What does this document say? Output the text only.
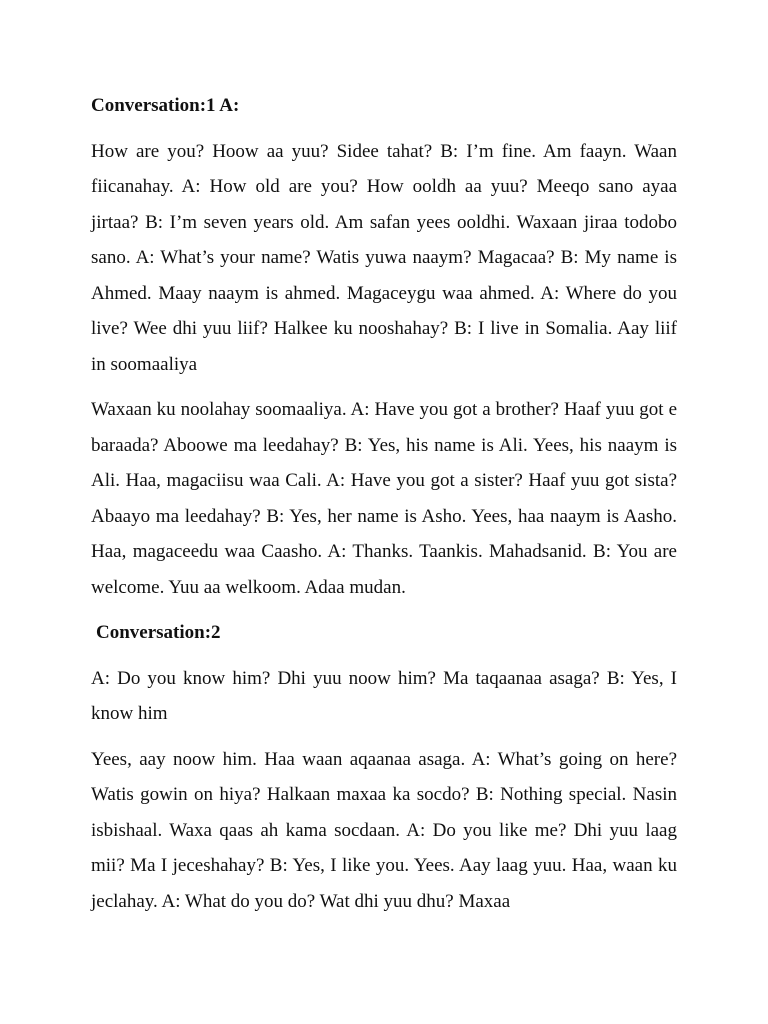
Conversation:1 A:

How are you? Hoow aa yuu? Sidee tahat? B: I’m fine. Am faayn. Waan fiicanahay. A: How old are you? How ooldh aa yuu? Meeqo sano ayaa jirtaa? B: I’m seven years old. Am safan yees ooldhi. Waxaan jiraa todobo sano. A: What’s your name? Watis yuwa naaym? Magacaa? B: My name is Ahmed. Maay naaym is ahmed. Magaceygu waa ahmed. A: Where do you live? Wee dhi yuu liif? Halkee ku nooshahay? B: I live in Somalia. Aay liif in soomaaliya

Waxaan ku noolahay soomaaliya. A: Have you got a brother? Haaf yuu got e baraada? Aboowe ma leedahay? B: Yes, his name is Ali. Yees, his naaym is Ali. Haa, magaciisu waa Cali. A: Have you got a sister? Haaf yuu got sista? Abaayo ma leedahay? B: Yes, her name is Asho. Yees, haa naaym is Aasho. Haa, magaceedu waa Caasho. A: Thanks. Taankis. Mahadsanid. B: You are welcome. Yuu aa welkoom. Adaa mudan.

Conversation:2

A: Do you know him? Dhi yuu noow him? Ma taqaanaa asaga? B: Yes, I know him

Yees, aay noow him. Haa waan aqaanaa asaga. A: What’s going on here? Watis gowin on hiya? Halkaan maxaa ka socdo? B: Nothing special. Nasin isbishaal. Waxa qaas ah kama socdaan. A: Do you like me? Dhi yuu laag mii? Ma I jeceshahay? B: Yes, I like you. Yees. Aay laag yuu. Haa, waan ku jeclahay. A: What do you do? Wat dhi yuu dhu? Maxaa
